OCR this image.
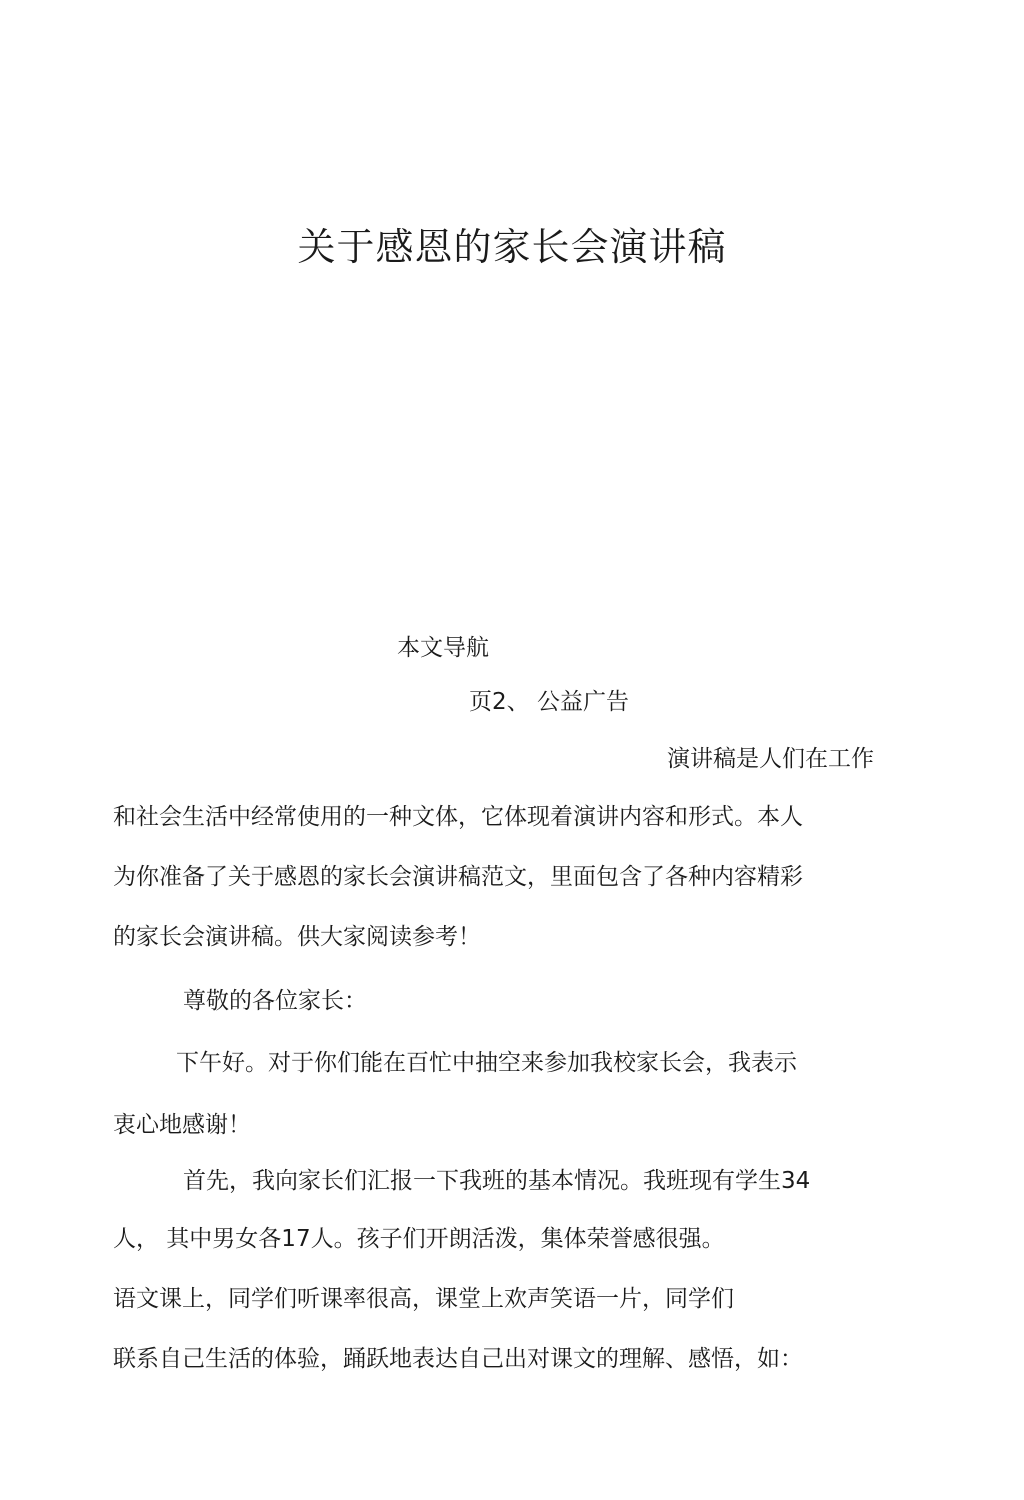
关于感恩的家长会演讲稿
本文导航
页2、 公益广告
演讲稿是人们在工作
和社会生活中经常使用的一种文体，它体现着演讲内容和形式。本人
为你准备了关于感恩的家长会演讲稿范文，里面包含了各种内容精彩
的家长会演讲稿。供大家阅读参考！
尊敬的各位家长：
下午好。对于你们能在百忙中抽空来参加我校家长会，我表示
衷心地感谢！
首先，我向家长们汇报一下我班的基本情况。我班现有学生34
人， 其中男女各17人。孩子们开朗活泼，集体荣誉感很强。
语文课上，同学们听课率很高，课堂上欢声笑语一片，同学们
联系自己生活的体验，踊跃地表达自己出对课文的理解、感悟，如：
